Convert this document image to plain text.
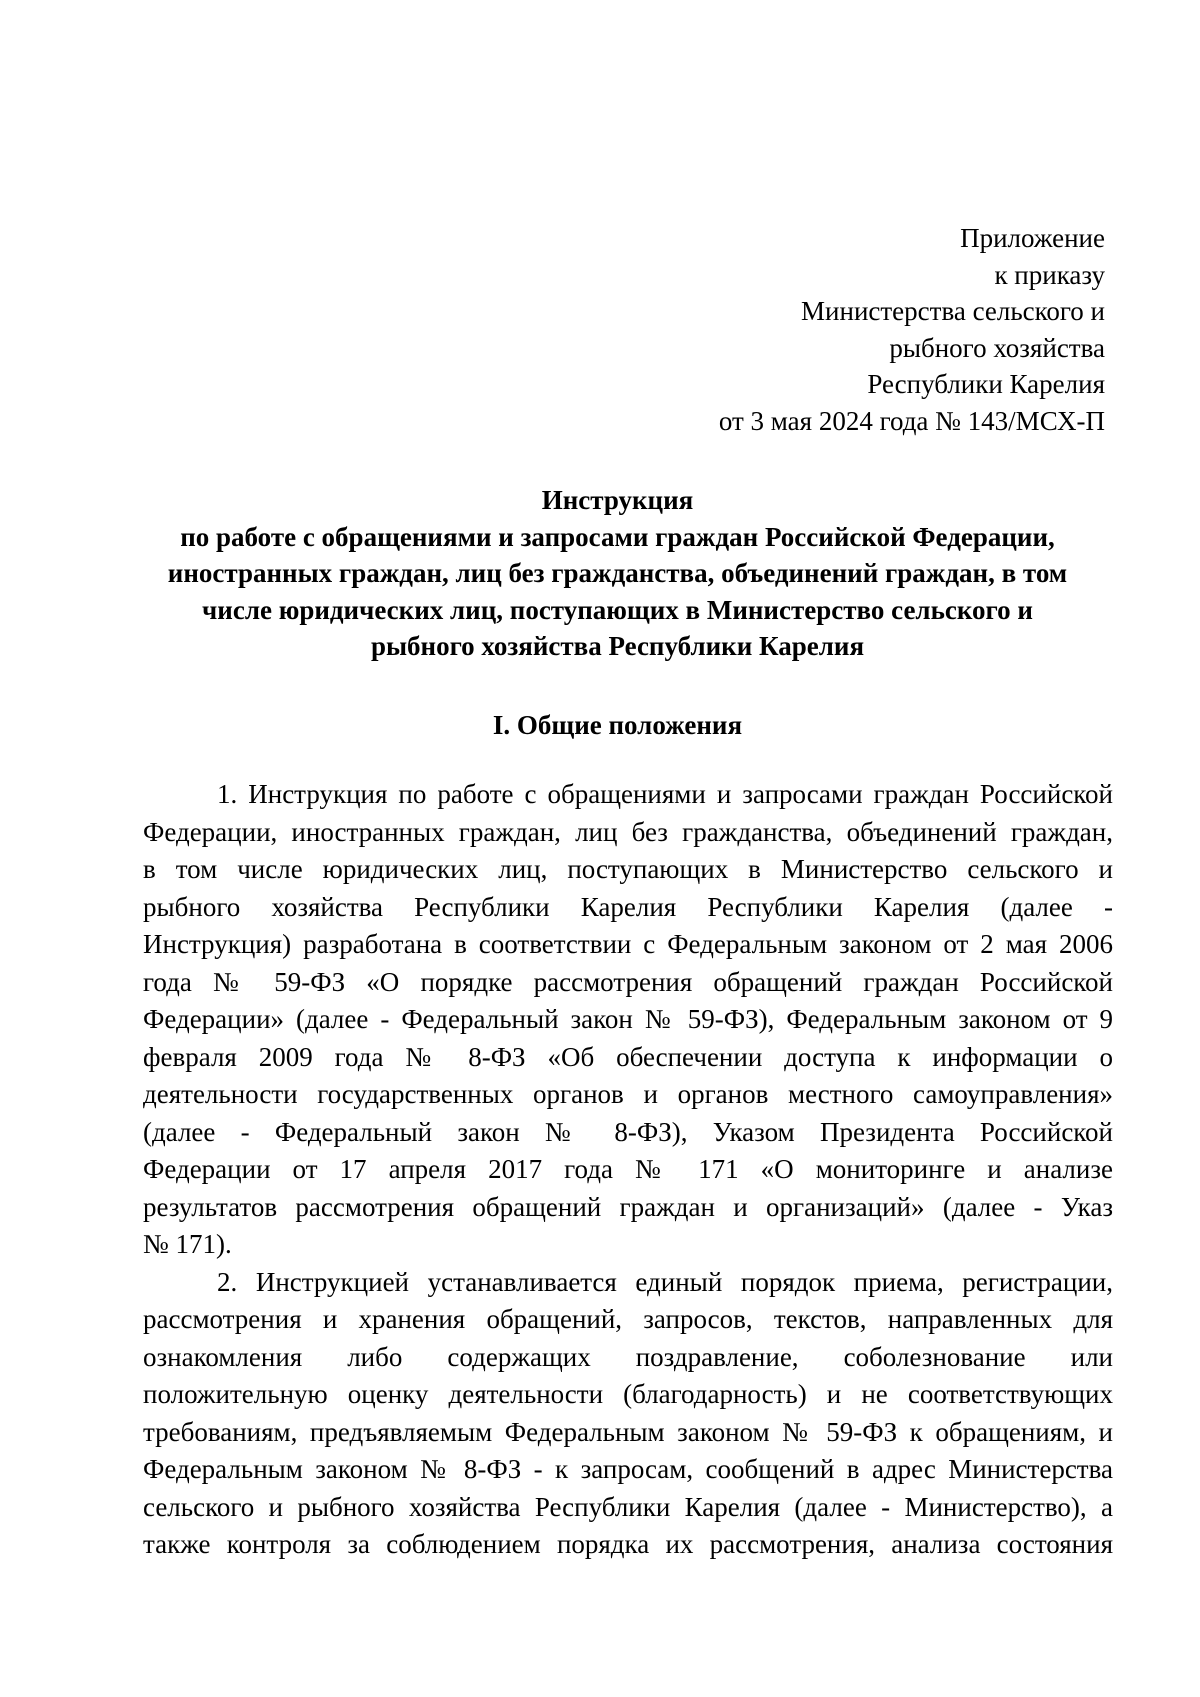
Приложение
к приказу
Министерства сельского и
рыбного хозяйства
Республики Карелия
от 3 мая 2024 года № 143/МСХ-П
Инструкция
по работе с обращениями и запросами граждан Российской Федерации,
иностранных граждан, лиц без гражданства, объединений граждан, в том
числе юридических лиц, поступающих в Министерство сельского и
рыбного хозяйства Республики Карелия
I. Общие положения
1. Инструкция по работе с обращениями и запросами граждан Российской
Федерации, иностранных граждан, лиц без гражданства, объединений граждан,
в том числе юридических лиц, поступающих в Министерство сельского и
рыбного хозяйства Республики Карелия Республики Карелия (далее -
Инструкция) разработана в соответствии с Федеральным законом от 2 мая 2006
года № 59-ФЗ «О порядке рассмотрения обращений граждан Российской
Федерации» (далее - Федеральный закон № 59-ФЗ), Федеральным законом от 9
февраля 2009 года № 8-ФЗ «Об обеспечении доступа к информации о
деятельности государственных органов и органов местного самоуправления»
(далее - Федеральный закон № 8-ФЗ), Указом Президента Российской
Федерации от 17 апреля 2017 года № 171 «О мониторинге и анализе
результатов рассмотрения обращений граждан и организаций» (далее - Указ
№ 171).
2. Инструкцией устанавливается единый порядок приема, регистрации,
рассмотрения и хранения обращений, запросов, текстов, направленных для
ознакомления либо содержащих поздравление, соболезнование или
положительную оценку деятельности (благодарность) и не соответствующих
требованиям, предъявляемым Федеральным законом № 59-ФЗ к обращениям, и
Федеральным законом № 8-ФЗ - к запросам, сообщений в адрес Министерства
сельского и рыбного хозяйства Республики Карелия (далее - Министерство), а
также контроля за соблюдением порядка их рассмотрения, анализа состояния
